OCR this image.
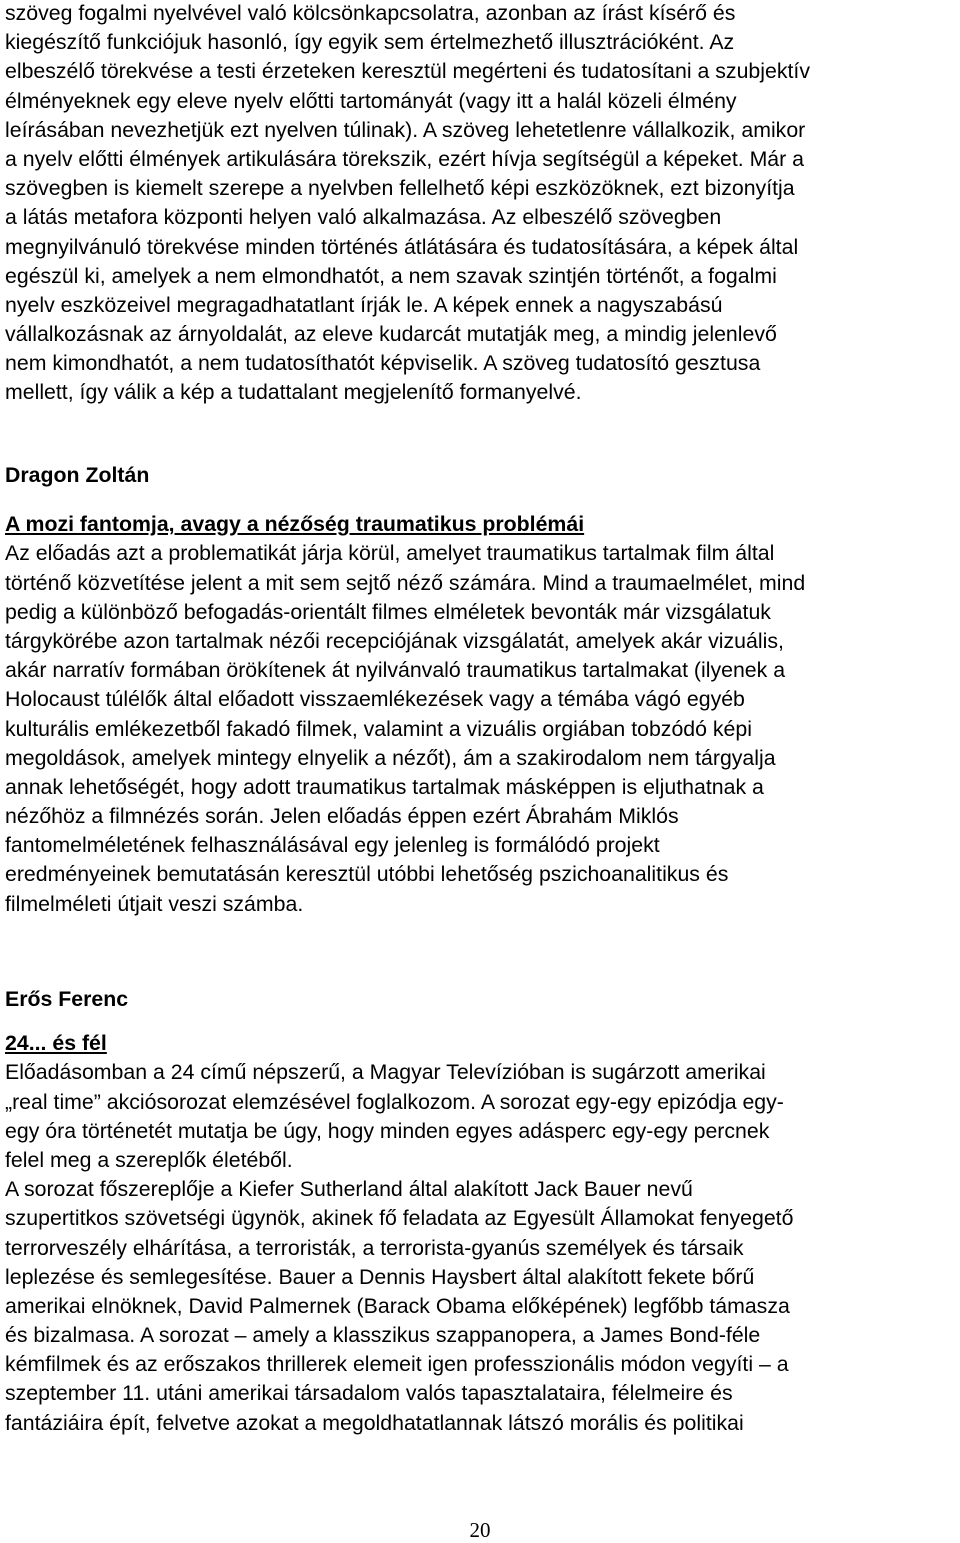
szöveg fogalmi nyelvével való kölcsönkapcsolatra, azonban az írást kísérő és
kiegészítő funkciójuk hasonló, így egyik sem értelmezhető illusztrációként. Az
elbeszélő törekvése a testi érzeteken keresztül megérteni és tudatosítani a szubjektív
élményeknek egy eleve nyelv előtti tartományát (vagy itt a halál közeli élmény
leírásában nevezhetjük ezt nyelven túlinak). A szöveg lehetetlenre vállalkozik, amikor
a nyelv előtti élmények artikulására törekszik, ezért hívja segítségül a képeket. Már a
szövegben is kiemelt szerepe a nyelvben fellelhető képi eszközöknek, ezt bizonyítja
a látás metafora központi helyen való alkalmazása. Az elbeszélő szövegben
megnyilvánuló törekvése minden történés átlátására és tudatosítására, a képek által
egészül ki, amelyek a nem elmondhatót, a nem szavak szintjén történőt, a fogalmi
nyelv eszközeivel megragadhatatlant írják le. A képek ennek a nagyszabású
vállalkozásnak az árnyoldalát, az eleve kudarcát mutatják meg, a mindig jelenlevő
nem kimondhatót, a nem tudatosíthatót képviselik. A szöveg tudatosító gesztusa
mellett, így válik a kép a tudattalant megjelenítő formanyelvé.

Dragon Zoltán

A mozi fantomja, avagy a nézőség traumatikus problémái

Az előadás azt a problematikát járja körül, amelyet traumatikus tartalmak film által
történő közvetítése jelent a mit sem sejtő néző számára. Mind a traumaelmélet, mind
pedig a különböző befogadás-orientált filmes elméletek bevonták már vizsgálatuk
tárgykörébe azon tartalmak nézői recepciójának vizsgálatát, amelyek akár vizuális,
akár narratív formában örökítenek át nyilvánvaló traumatikus tartalmakat (ilyenek a
Holocaust túlélők által előadott visszaemlékezések vagy a témába vágó egyéb
kulturális emlékezetből fakadó filmek, valamint a vizuális orgiában tobzódó képi
megoldások, amelyek mintegy elnyelik a nézőt), ám a szakirodalom nem tárgyalja
annak lehetőségét, hogy adott traumatikus tartalmak másképpen is eljuthatnak a
nézőhöz a filmnézés során. Jelen előadás éppen ezért Ábrahám Miklós
fantomelméletének felhasználásával egy jelenleg is formálódó projekt
eredményeinek bemutatásán keresztül utóbbi lehetőség pszichoanalitikus és
filmelméleti útjait veszi számba.

Erős Ferenc

24... és fél

Előadásomban a 24 című népszerű, a Magyar Televízióban is sugárzott amerikai
„real time” akciósorozat elemzésével foglalkozom. A sorozat egy-egy epizódja egy-
egy óra történetét mutatja be úgy, hogy minden egyes adásperc egy-egy percnek
felel meg a szereplők életéből.
A sorozat főszereplője a Kiefer Sutherland által alakított Jack Bauer nevű
szupertitkos szövetségi ügynök, akinek fő feladata az Egyesült Államokat fenyegető
terrorveszély elhárítása, a terroristák, a terrorista-gyanús személyek és társaik
leplezése és semlegesítése. Bauer a Dennis Haysbert által alakított fekete bőrű
amerikai elnöknek, David Palmernek (Barack Obama előképének) legfőbb támasza
és bizalmasa. A sorozat – amely a klasszikus szappanopera, a James Bond-féle
kémfilmek és az erőszakos thrillerek elemeit igen professzionális módon vegyíti – a
szeptember 11. utáni amerikai társadalom valós tapasztalataira, félelmeire és
fantáziáira épít, felvetve azokat a megoldhatatlannak látszó morális és politikai
20
